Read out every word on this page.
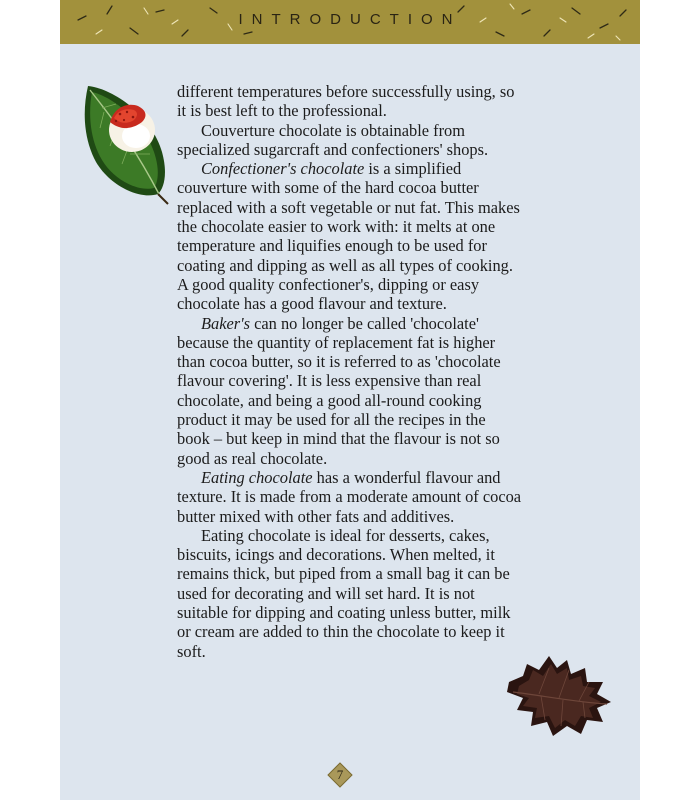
INTRODUCTION

different temperatures before successfully using, so it is best left to the professional.

Couverture chocolate is obtainable from specialized sugarcraft and confectioners' shops.

Confectioner's chocolate is a simplified couverture with some of the hard cocoa butter replaced with a soft vegetable or nut fat. This makes the chocolate easier to work with: it melts at one temperature and liquifies enough to be used for coating and dipping as well as all types of cooking. A good quality confectioner's, dipping or easy chocolate has a good flavour and texture.

Baker's can no longer be called 'chocolate' because the quantity of replacement fat is higher than cocoa butter, so it is referred to as 'chocolate flavour covering'. It is less expensive than real chocolate, and being a good all-round cooking product it may be used for all the recipes in the book – but keep in mind that the flavour is not so good as real chocolate.

Eating chocolate has a wonderful flavour and texture. It is made from a moderate amount of cocoa butter mixed with other fats and additives.

Eating chocolate is ideal for desserts, cakes, biscuits, icings and decorations. When melted, it remains thick, but piped from a small bag it can be used for decorating and will set hard. It is not suitable for dipping and coating unless butter, milk or cream are added to thin the chocolate to keep it soft.

7
